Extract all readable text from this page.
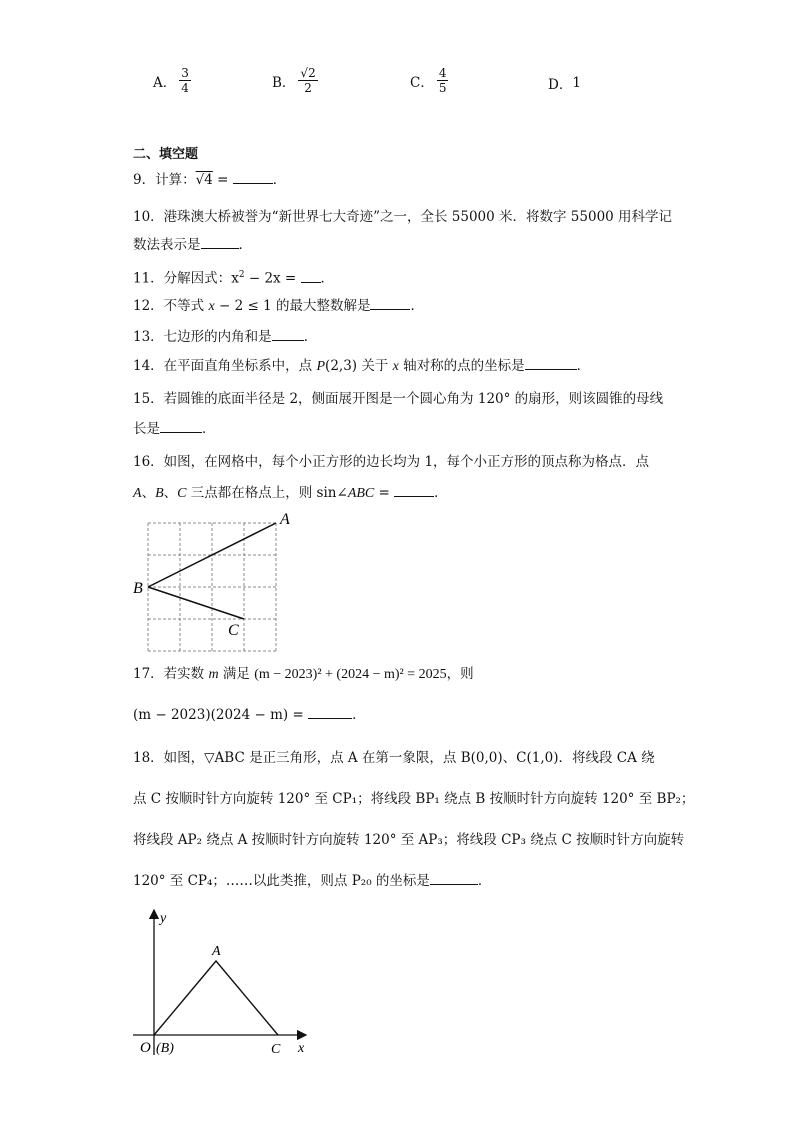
A． $\frac{3}{4}$	B． $\frac{√2}{2}$	C． $\frac{4}{5}$	D． 1
二、填空题
9．计算：√4 =	．
10．港珠澳大桥被誉为“新世界七大奇迹”之一，全长 55000 米．将数字 55000 用科学记
数法表示是	．
11．分解因式：$x^2 - 2x$ = ．
12．不等式 x − 2 ≤ 1 的最大整数解是	．
13．七边形的内角和是 ．
14．在平面直角坐标系中，点 P(2,3) 关于 x 轴对称的点的坐标是	．
15．若圆锥的底面半径是 2，侧面展开图是一个圆心角为 120° 的扇形，则该圆锥的母线
长是	．
16．如图，在网格中，每个小正方形的边长均为 1，每个小正方形的顶点称为格点．点
A、B、C 三点都在格点上，则 sin∠ABC =	．
A
B
C
17．若实数 m 满足 (m − 2023)² + (2024 − m)² = 2025，则
(m − 2023)(2024 − m) =	．
18．如图，▽ABC 是正三角形，点 A 在第一象限，点 B(0,0)、C(1,0)．将线段 CA 绕
点 C 按顺时针方向旋转 120° 至 CP₁；将线段 BP₁ 绕点 B 按顺时针方向旋转 120° 至 BP₂；
将线段 AP₂ 绕点 A 按顺时针方向旋转 120° 至 AP₃；将线段 CP₃ 绕点 C 按顺时针方向旋转
120° 至 CP₄；……以此类推，则点 P₂₀ 的坐标是	．
y
x
O (B)
A
C
